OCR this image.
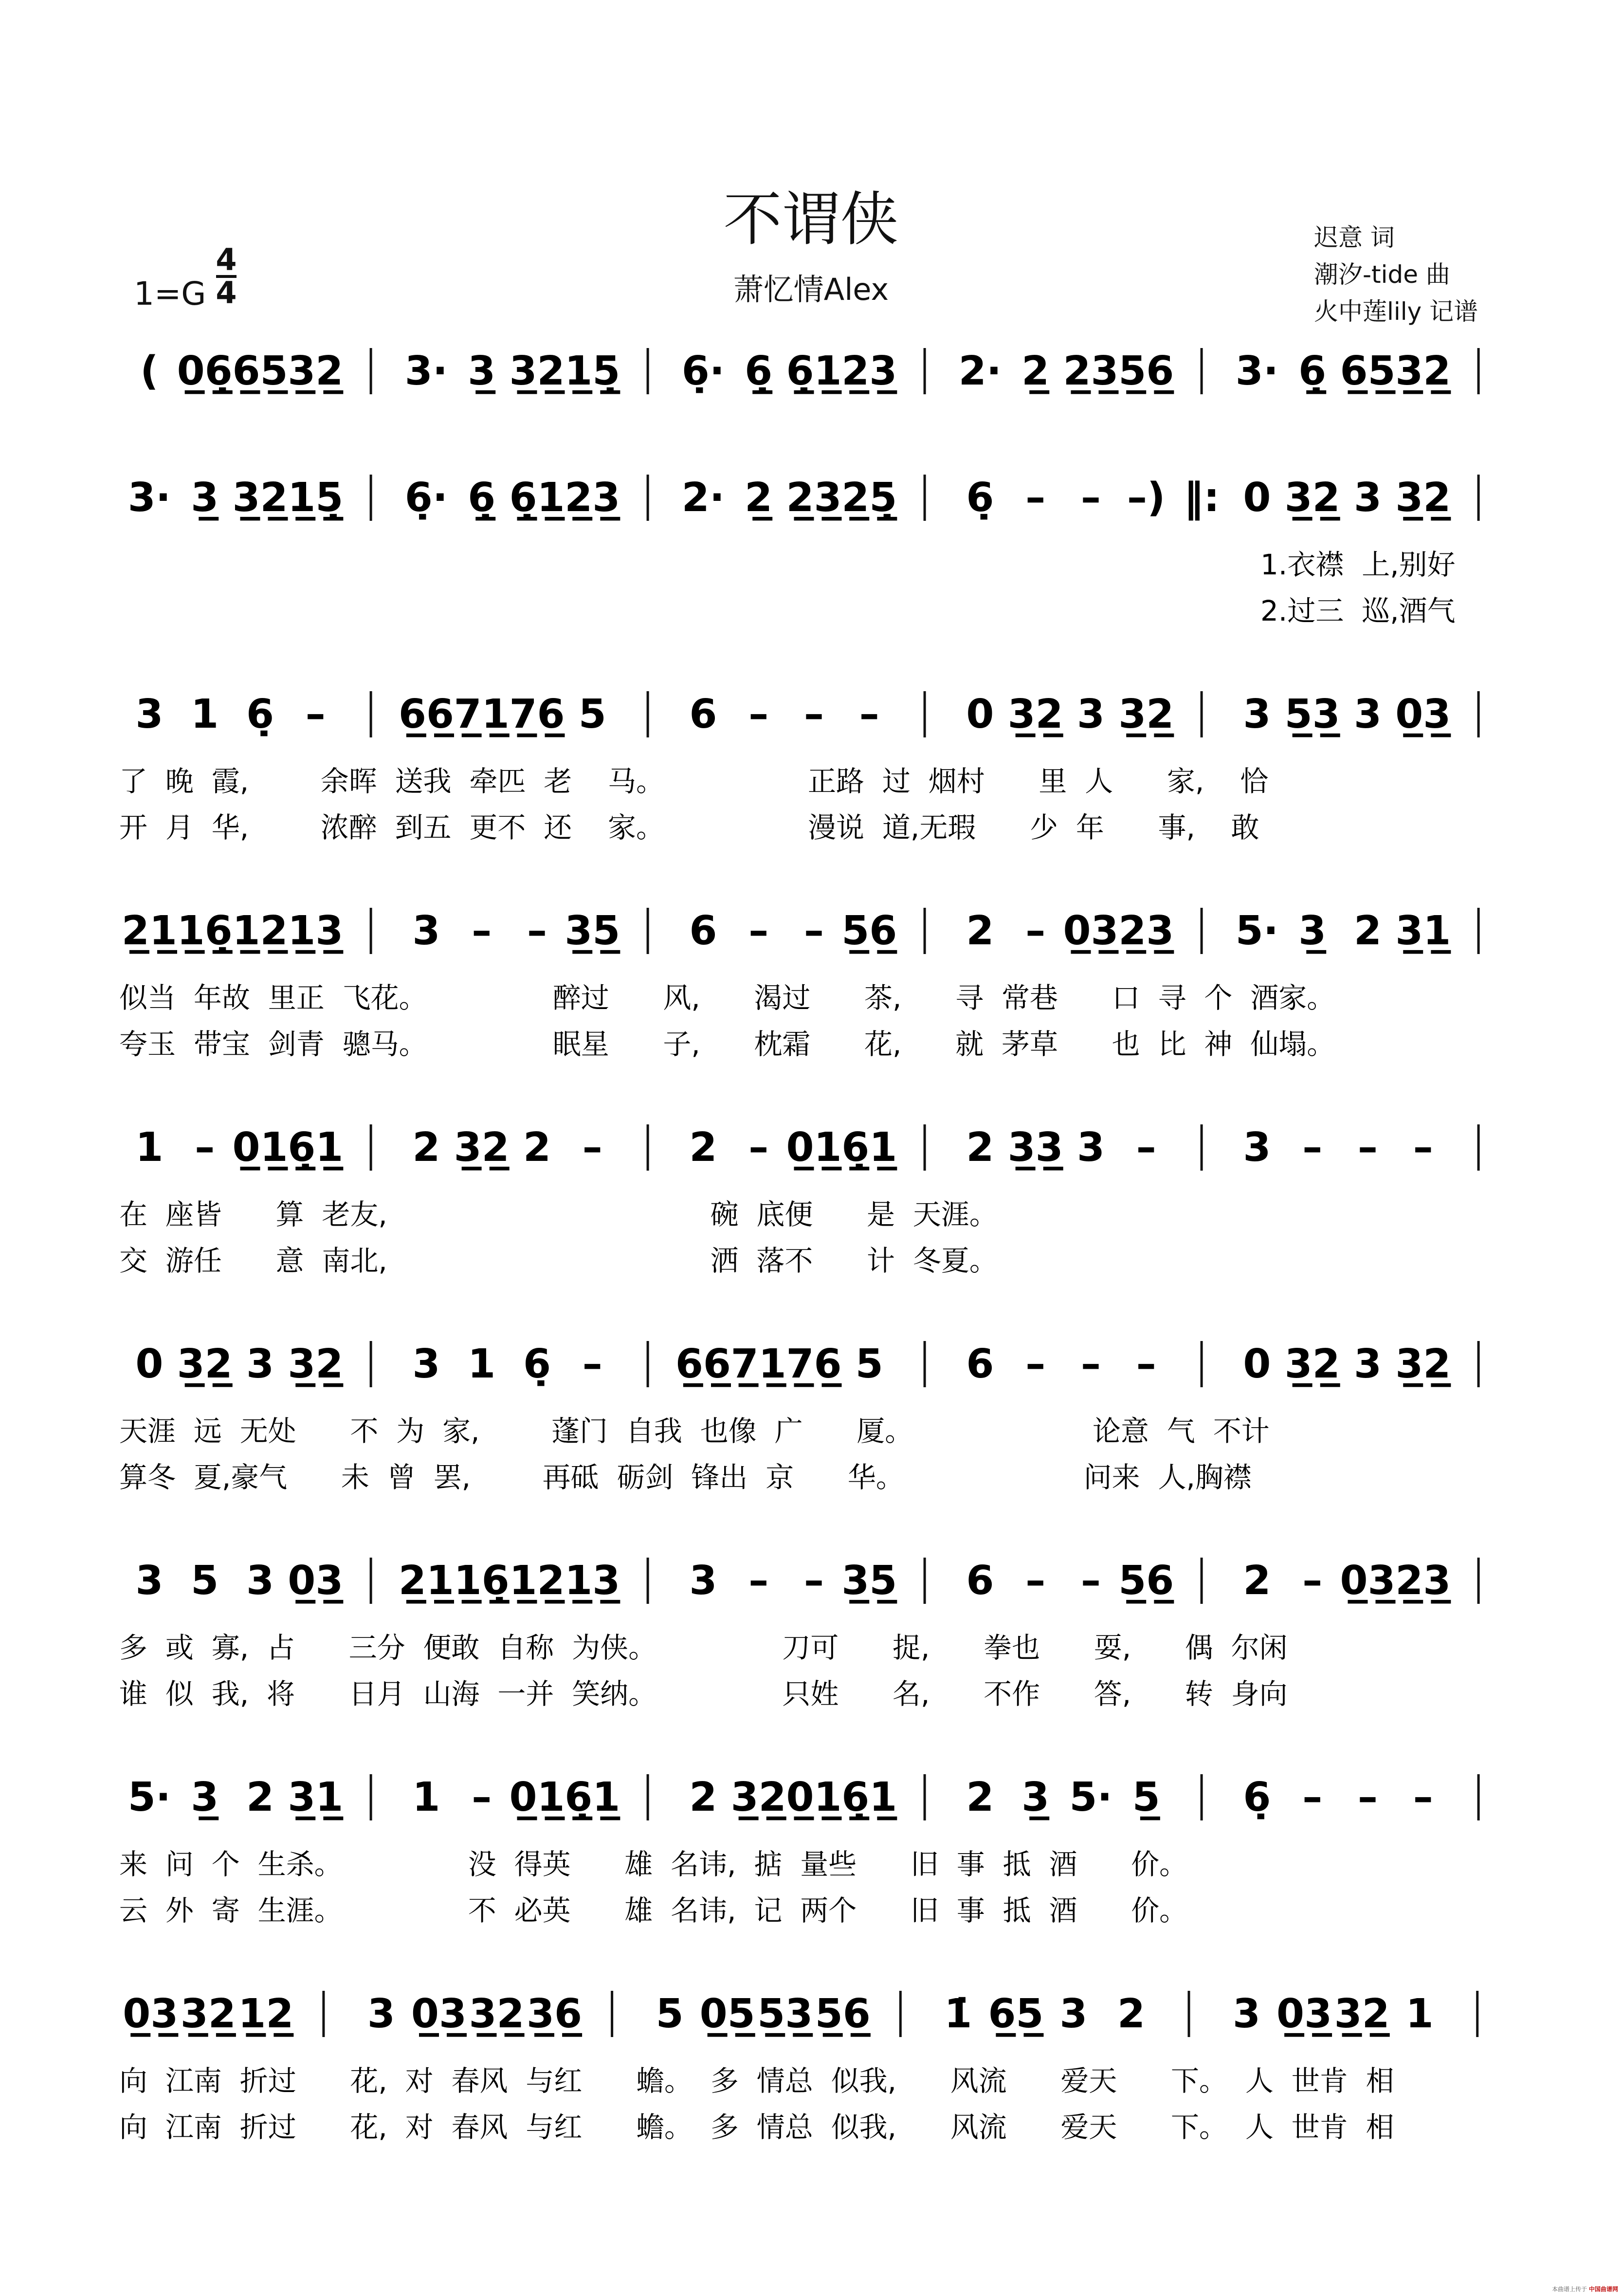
不谓侠
萧忆情Alex
迟意 词
潮汐-tide 曲
火中莲lily 记谱
1=G
4
4
( 0̲6̣̲ 6̲5̲ 3̲2̲ 3· 3̲ 3̲2̲ 1̲5̣̲ 6̣· 6̣̲ 6̣̲1̲ 2̲3̲ 2· 2̲ 2̲3̲ 5̲6̲ 3· 6̣̲ 6̲5̲ 3̲2̲
3· 3̲ 3̲2̲ 1̲5̣̲ 6̣· 6̣̲ 6̣̲1̲ 2̲3̲ 2· 2̲ 2̲3̲ 2̲5̣̲ 6̣ – – –) ‖: 0 3̲2̲ 3 3̲2̲
1.衣襟  上,别好
2.过三  巡,酒气
3 1 6̣ – 6̲6̲ 7̲1̲ 7̲6̲ 5 6 – – – 0 3̲2̲ 3 3̲2̲ 3 5̲3̲ 3 0̲3̲
了  晚  霞,        余晖  送我  牵匹  老    马。                正路  过  烟村      里  人      家,    恰
开  月  华,        浓醉  到五  更不  还    家。                漫说  道,无瑕      少  年      事,    敢
2̲1̲ 1̲6̣̲ 1̲2̲ 1̲3̲ 3 – – 3̲5̲ 6 – – 5̲6̲ 2 – 0̲3̲ 2̲3̲ 5· 3̲ 2 3̲1̲
似当  年故  里正  飞花。              醉过      风,      渴过      茶,      寻  常巷      口  寻  个  酒家。
夸玉  带宝  剑青  骢马。              眠星      子,      枕霜      花,      就  茅草      也  比  神  仙塌。
1 – 0̲1̲ 6̣̲1̲ 2 3̲2̲ 2 – 2 – 0̲1̲ 6̣̲1̲ 2 3̲3̲ 3 – 3 – – –
在  座皆      算  老友,                                    碗  底便      是  天涯。
交  游任      意  南北,                                    洒  落不      计  冬夏。
0 3̲2̲ 3 3̲2̲ 3 1 6̣ – 6̲6̲ 7̲1̲ 7̲6̲ 5 6 – – – 0 3̲2̲ 3 3̲2̲
天涯  远  无处      不  为  家,        蓬门  自我  也像  广      厦。                    论意  气  不计
算冬  夏,豪气      未  曾  罢,        再砥  砺剑  锋出  京      华。                    问来  人,胸襟
3 5 3 0̲3̲ 2̲1̲ 1̲6̣̲ 1̲2̲ 1̲3̲ 3 – – 3̲5̲ 6 – – 5̲6̲ 2 – 0̲3̲ 2̲3̲
多  或  寡,  占      三分  便敢  自称  为侠。              刀可      捉,      拳也      耍,      偶  尔闲
谁  似  我,  将      日月  山海  一并  笑纳。              只姓      名,      不作      答,      转  身向
5· 3̲ 2 3̲1̲ 1 – 0̲1̲ 6̣̲1̲ 2 3̲2̲ 0̲1̲ 6̣̲1̲ 2 3̲ 5· 5̲ 6̣ – – –
来  问  个  生杀。              没  得英      雄  名讳,  掂  量些      旧  事  抵  酒      价。
云  外  寄  生涯。              不  必英      雄  名讳,  记  两个      旧  事  抵  酒      价。
0̲3̲ 3̲2̲ 1̲2̲ 3 0̲3̲ 3̲2̲ 3̲6̲ 5 0̲5̲ 5̲3̲ 5̲6̲ 1̇ 6̲5̲ 3 2 3 0̲3̲ 3̲2̲ 1
向  江南  折过      花,  对  春风  与红      蟾。  多  情总  似我,      风流      爱天      下。  人  世肯  相
向  江南  折过      花,  对  春风  与红      蟾。  多  情总  似我,      风流      爱天      下。  人  世肯  相
本曲谱上传于 中国曲谱网
